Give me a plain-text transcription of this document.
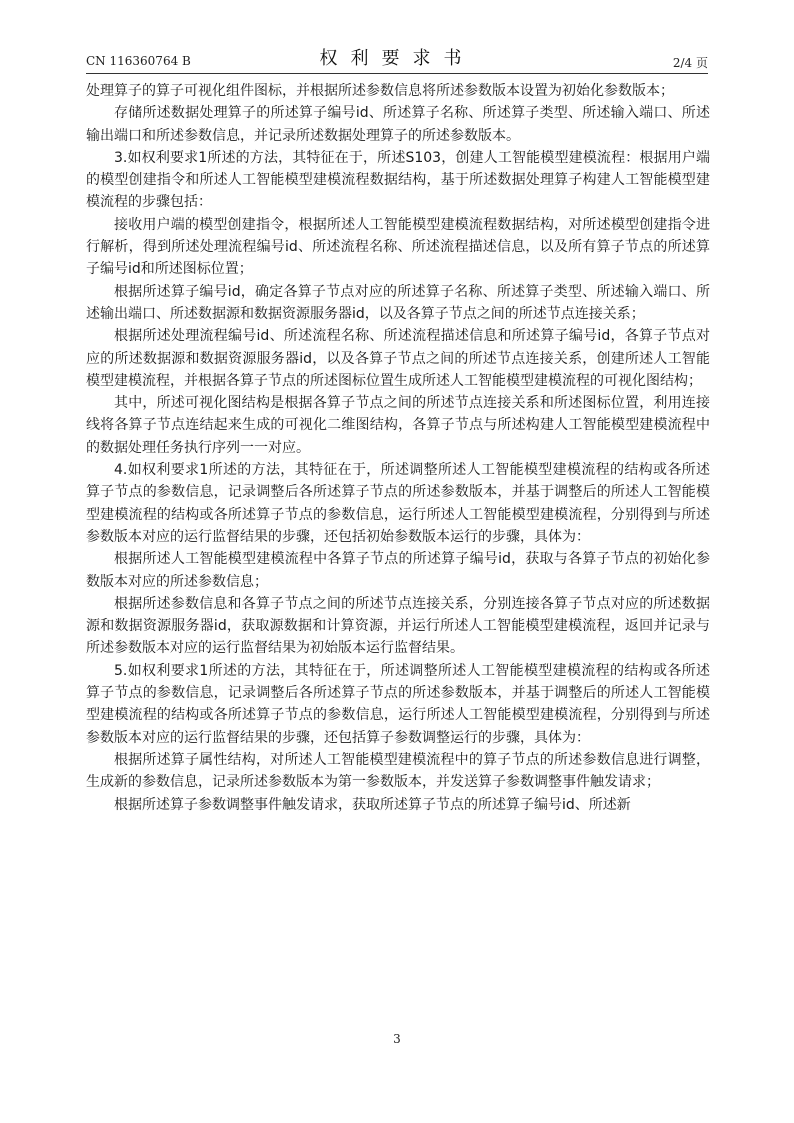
CN 116360764 B	权利要求书	2/4 页

处理算子的算子可视化组件图标，并根据所述参数信息将所述参数版本设置为初始化参数版本；

存储所述数据处理算子的所述算子编号id、所述算子名称、所述算子类型、所述输入端口、所述输出端口和所述参数信息，并记录所述数据处理算子的所述参数版本。

3.如权利要求1所述的方法，其特征在于，所述S103，创建人工智能模型建模流程：根据用户端的模型创建指令和所述人工智能模型建模流程数据结构，基于所述数据处理算子构建人工智能模型建模流程的步骤包括：

接收用户端的模型创建指令，根据所述人工智能模型建模流程数据结构，对所述模型创建指令进行解析，得到所述处理流程编号id、所述流程名称、所述流程描述信息，以及所有算子节点的所述算子编号id和所述图标位置；

根据所述算子编号id，确定各算子节点对应的所述算子名称、所述算子类型、所述输入端口、所述输出端口、所述数据源和数据资源服务器id，以及各算子节点之间的所述节点连接关系；

根据所述处理流程编号id、所述流程名称、所述流程描述信息和所述算子编号id，各算子节点对应的所述数据源和数据资源服务器id，以及各算子节点之间的所述节点连接关系，创建所述人工智能模型建模流程，并根据各算子节点的所述图标位置生成所述人工智能模型建模流程的可视化图结构；

其中，所述可视化图结构是根据各算子节点之间的所述节点连接关系和所述图标位置，利用连接线将各算子节点连结起来生成的可视化二维图结构，各算子节点与所述构建人工智能模型建模流程中的数据处理任务执行序列一一对应。

4.如权利要求1所述的方法，其特征在于，所述调整所述人工智能模型建模流程的结构或各所述算子节点的参数信息，记录调整后各所述算子节点的所述参数版本，并基于调整后的所述人工智能模型建模流程的结构或各所述算子节点的参数信息，运行所述人工智能模型建模流程，分别得到与所述参数版本对应的运行监督结果的步骤，还包括初始参数版本运行的步骤，具体为：

根据所述人工智能模型建模流程中各算子节点的所述算子编号id，获取与各算子节点的初始化参数版本对应的所述参数信息；

根据所述参数信息和各算子节点之间的所述节点连接关系，分别连接各算子节点对应的所述数据源和数据资源服务器id，获取源数据和计算资源，并运行所述人工智能模型建模流程，返回并记录与所述参数版本对应的运行监督结果为初始版本运行监督结果。

5.如权利要求1所述的方法，其特征在于，所述调整所述人工智能模型建模流程的结构或各所述算子节点的参数信息，记录调整后各所述算子节点的所述参数版本，并基于调整后的所述人工智能模型建模流程的结构或各所述算子节点的参数信息，运行所述人工智能模型建模流程，分别得到与所述参数版本对应的运行监督结果的步骤，还包括算子参数调整运行的步骤，具体为：

根据所述算子属性结构，对所述人工智能模型建模流程中的算子节点的所述参数信息进行调整，生成新的参数信息，记录所述参数版本为第一参数版本，并发送算子参数调整事件触发请求；

根据所述算子参数调整事件触发请求，获取所述算子节点的所述算子编号id、所述新

3
